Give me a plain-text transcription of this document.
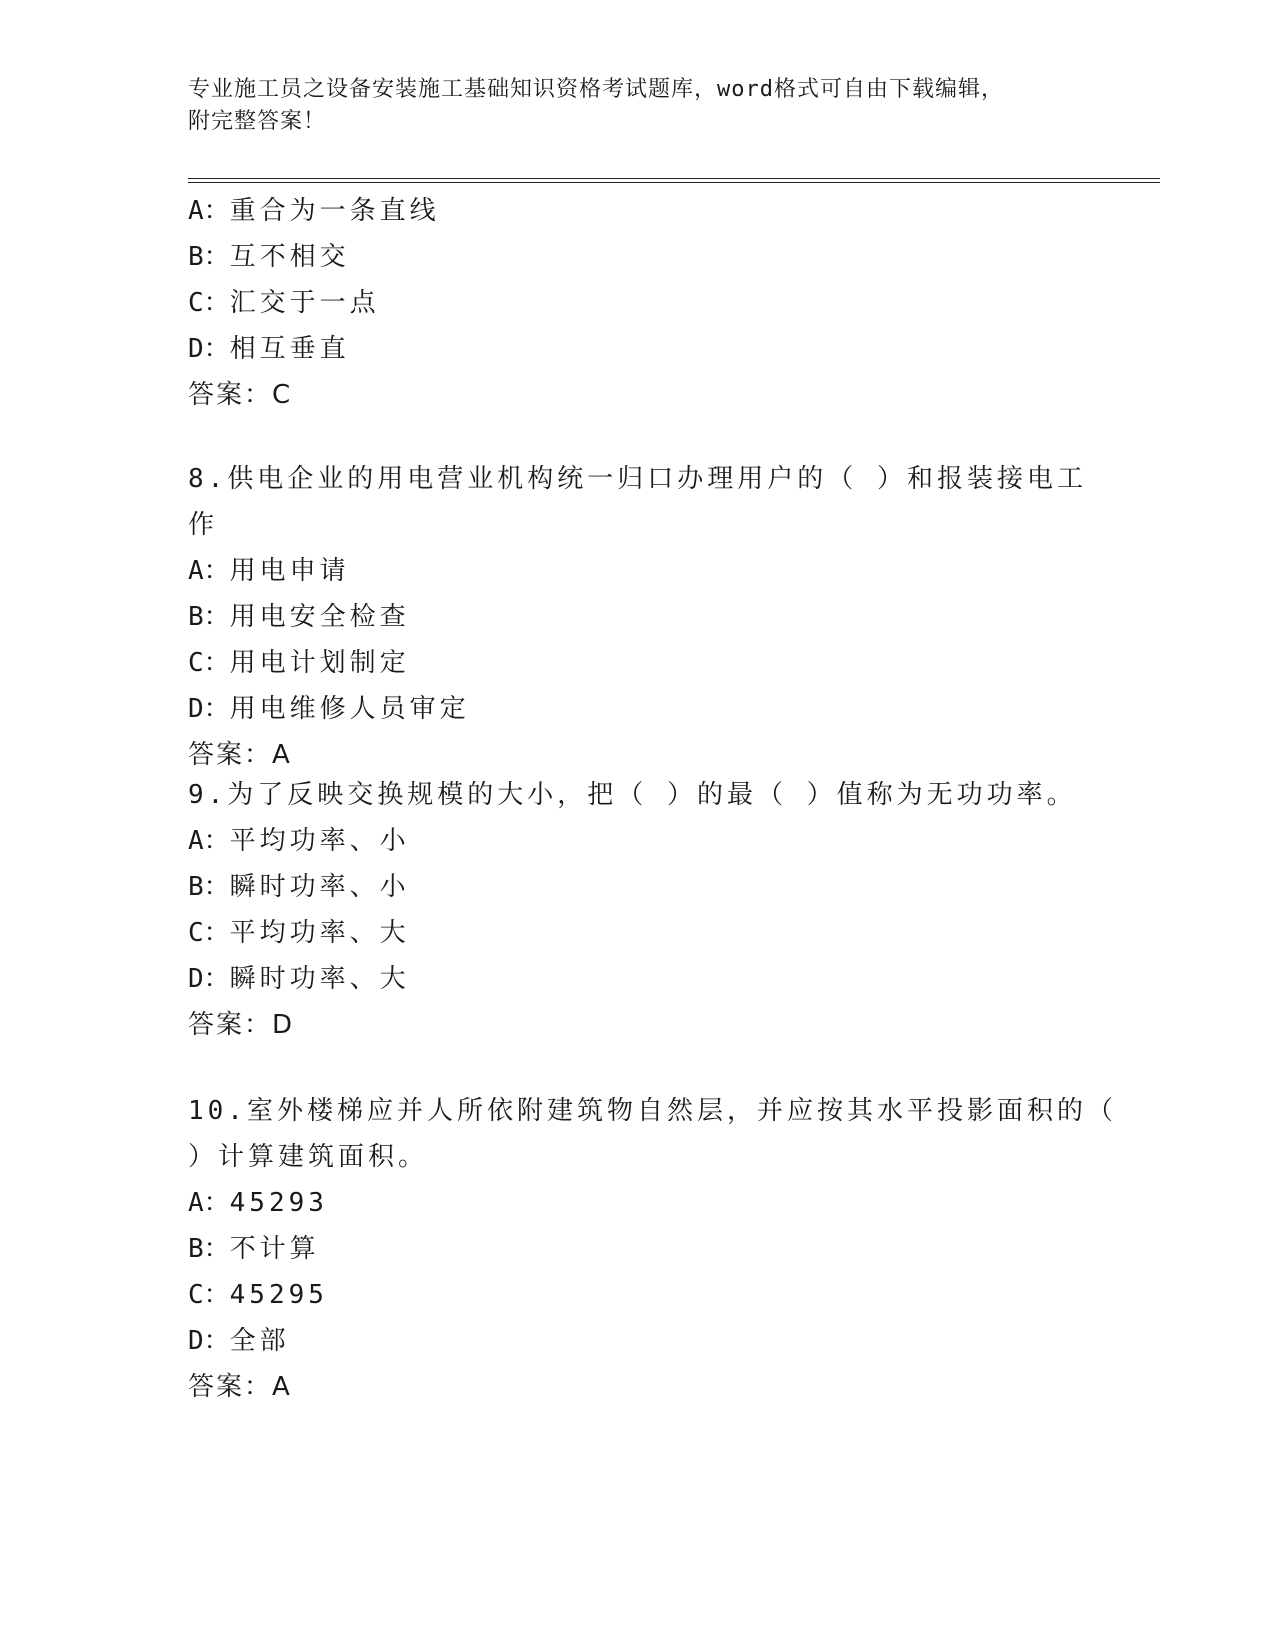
专业施工员之设备安装施工基础知识资格考试题库，word格式可自由下载编辑，
附完整答案！
A：重合为一条直线
B：互不相交
C：汇交于一点
D：相互垂直
答案：C
8.供电企业的用电营业机构统一归口办理用户的（ ）和报装接电工作
A：用电申请
B：用电安全检查
C：用电计划制定
D：用电维修人员审定
答案：A
9.为了反映交换规模的大小，把（ ）的最（ ）值称为无功功率。
A：平均功率、小
B：瞬时功率、小
C：平均功率、大
D：瞬时功率、大
答案：D
10.室外楼梯应并人所依附建筑物自然层，并应按其水平投影面积的（
）计算建筑面积。
A：45293
B：不计算
C：45295
D：全部
答案：A
